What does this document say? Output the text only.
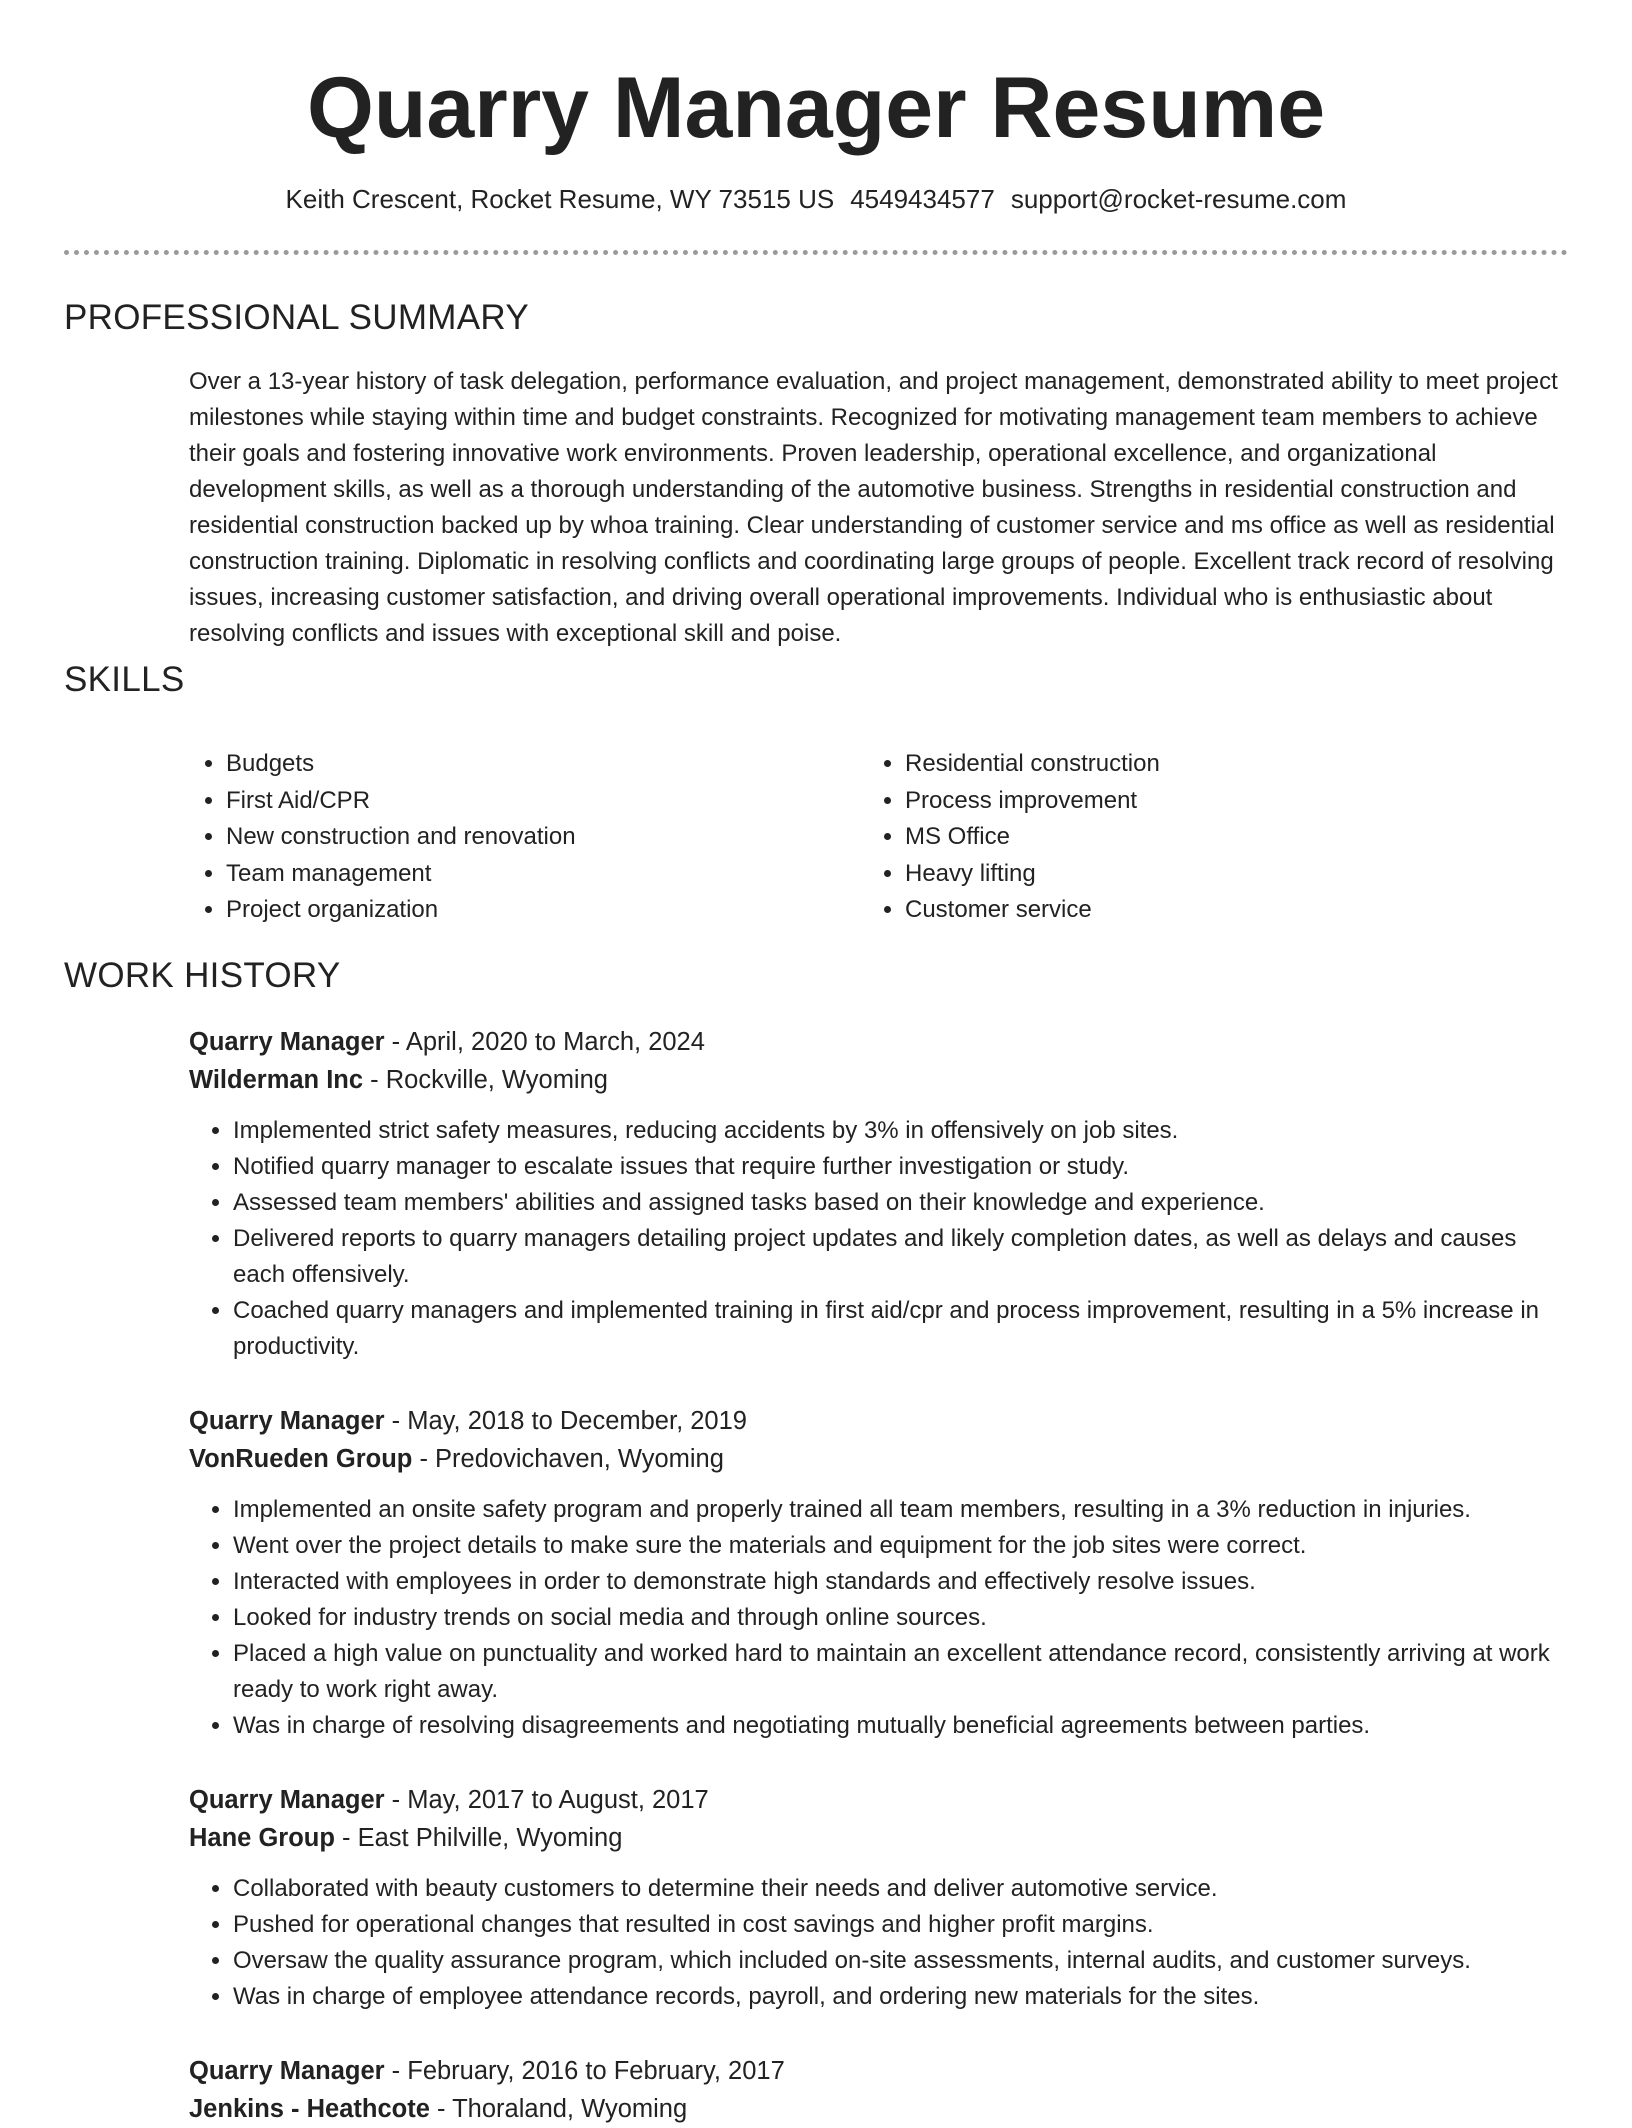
Quarry Manager Resume
Keith Crescent, Rocket Resume, WY 73515 US 4549434577 support@rocket-resume.com
PROFESSIONAL SUMMARY

Over a 13-year history of task delegation, performance evaluation, and project management, demonstrated ability to meet project milestones while staying within time and budget constraints. Recognized for motivating management team members to achieve their goals and fostering innovative work environments. Proven leadership, operational excellence, and organizational development skills, as well as a thorough understanding of the automotive business. Strengths in residential construction and residential construction backed up by whoa training. Clear understanding of customer service and ms office as well as residential construction training. Diplomatic in resolving conflicts and coordinating large groups of people. Excellent track record of resolving issues, increasing customer satisfaction, and driving overall operational improvements. Individual who is enthusiastic about resolving conflicts and issues with exceptional skill and poise.

SKILLS
• Budgets
• First Aid/CPR
• New construction and renovation
• Team management
• Project organization
• Residential construction
• Process improvement
• MS Office
• Heavy lifting
• Customer service
WORK HISTORY
Quarry Manager - April, 2020 to March, 2024
Wilderman Inc - Rockville, Wyoming
• Implemented strict safety measures, reducing accidents by 3% in offensively on job sites.
• Notified quarry manager to escalate issues that require further investigation or study.
• Assessed team members' abilities and assigned tasks based on their knowledge and experience.
• Delivered reports to quarry managers detailing project updates and likely completion dates, as well as delays and causes each offensively.
• Coached quarry managers and implemented training in first aid/cpr and process improvement, resulting in a 5% increase in productivity.
Quarry Manager - May, 2018 to December, 2019
VonRueden Group - Predovichaven, Wyoming
• Implemented an onsite safety program and properly trained all team members, resulting in a 3% reduction in injuries.
• Went over the project details to make sure the materials and equipment for the job sites were correct.
• Interacted with employees in order to demonstrate high standards and effectively resolve issues.
• Looked for industry trends on social media and through online sources.
• Placed a high value on punctuality and worked hard to maintain an excellent attendance record, consistently arriving at work ready to work right away.
• Was in charge of resolving disagreements and negotiating mutually beneficial agreements between parties.
Quarry Manager - May, 2017 to August, 2017
Hane Group - East Philville, Wyoming
• Collaborated with beauty customers to determine their needs and deliver automotive service.
• Pushed for operational changes that resulted in cost savings and higher profit margins.
• Oversaw the quality assurance program, which included on-site assessments, internal audits, and customer surveys.
• Was in charge of employee attendance records, payroll, and ordering new materials for the sites.
Quarry Manager - February, 2016 to February, 2017
Jenkins - Heathcote - Thoraland, Wyoming
